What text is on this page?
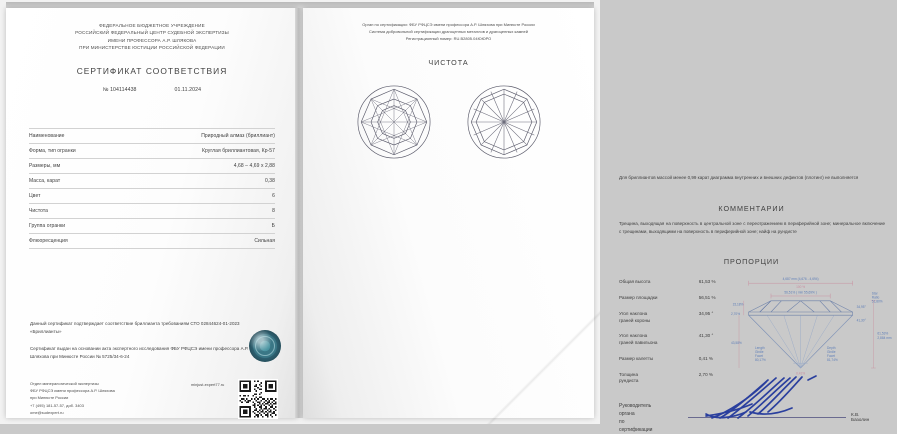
ФЕДЕРАЛЬНОЕ БЮДЖЕТНОЕ УЧРЕЖДЕНИЕ
РОССИЙСКИЙ ФЕДЕРАЛЬНЫЙ ЦЕНТР СУДЕБНОЙ ЭКСПЕРТИЗЫ
ИМЕНИ ПРОФЕССОРА А.Р. ШЛЯКОВА
ПРИ МИНИСТЕРСТВЕ ЮСТИЦИИ РОССИЙСКОЙ ФЕДЕРАЦИИ
СЕРТИФИКАТ СООТВЕТСТВИЯ
№ 104114438	01.11.2024
Наименование	Природный алмаз (бриллиант)
Форма, тип огранки	Круглая бриллиантовая, Кр-57
Размеры, мм	4,68 – 4,69 x 2,88
Масса, карат	0,38
Цвет	6
Чистота	8
Группа огранки	Б
Флюоресценция	Сильная
Данный сертификат подтверждает соответствие бриллианта требованиям СТО 02844624-01-2023 «Бриллианты»
Сертификат выдан на основании акта экспертного исследования ФБУ РФЦСЭ имени профессора А.Р. Шляхова при Минюсте России № 5725/34-6-24
Отдел минералогической экспертизы
ФБУ РФЦСЭ имени профессора А.Р. Шляхова
при Минюсте России
+7 (495) 181-57-57, доб. 3403
ome@sudexpert.ru
minjust-expert77.ru
Орган по сертификации: ФБУ РФЦСЭ имени профессора А.Р. Шляхова при Минюсте России
Система добровольной сертификации драгоценных металлов и драгоценных камней
Регистрационный номер: RU.B2805.04ЮЮРО
ЧИСТОТА
Для бриллиантов массой менее 0,99 карат диаграмма внутренних и внешних дефектов (плотинг) не выполняется
КОММЕНТАРИИ
Трещина, выходящая на поверхность в центральной зоне с переотражением в периферийной зоне; минеральное включение с трещинами, выходящими на поверхность в периферийной зоне; найф на рундисте
ПРОПОРЦИИ
Общая высота	61,53 %
Размер площадки	56,51 %
Угол наклона
граней короны	34,95 °
Угол наклона
граней павильона	41,30 °
Размер калетты	0,41 %
Толщина
рундиста	2,70 %
4,687 mm (4,676 - 4,694)
100 %
56,51% ( min 55,69% )
34,95°
41,30°
15,18%
2,70%
43,58%
61,53%
2,884 mm
Star
Ratio
51,80%
Depth
Girdle
Facet
81,74%
Length
Girdle
Facet
80,17%
0,41%
Руководитель органа
по сертификации
К.В. Базолин
